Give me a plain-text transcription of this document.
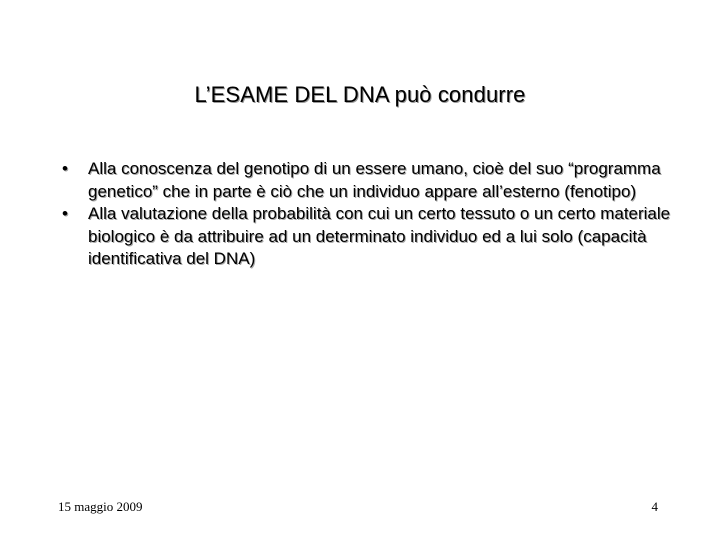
L’ESAME DEL DNA può condurre
• Alla conoscenza del genotipo di un essere umano, cioè del suo “programma genetico” che in parte è ciò che un individuo appare all’esterno (fenotipo)
• Alla valutazione della probabilità con cui un certo tessuto o un certo materiale biologico è da attribuire ad un determinato individuo ed a lui solo (capacità identificativa del DNA)
15 maggio 2009	4
